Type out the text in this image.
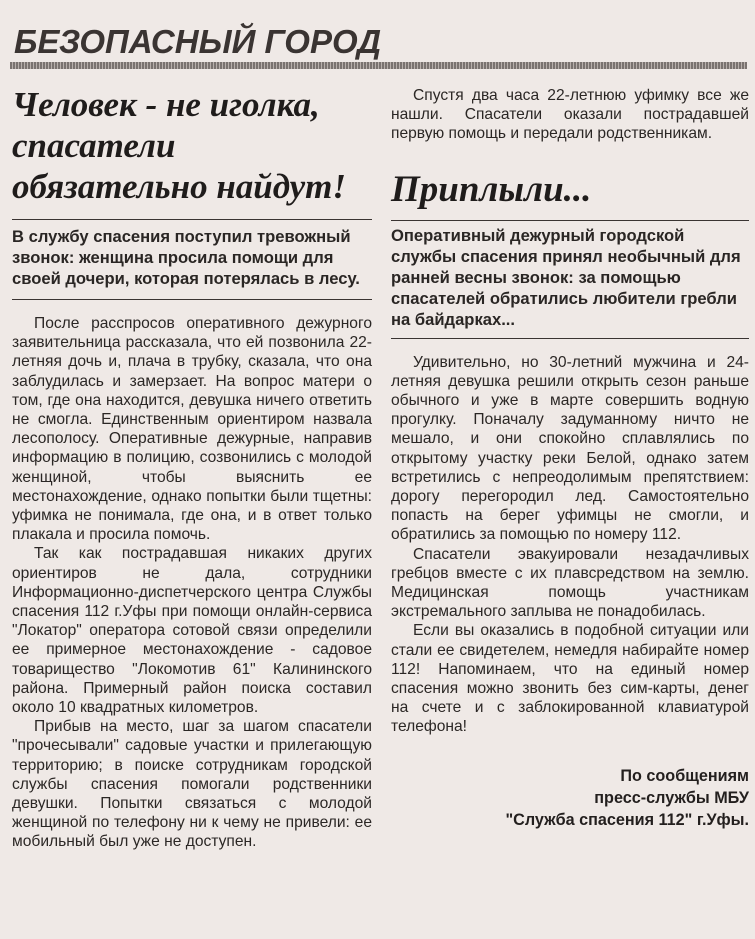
БЕЗОПАСНЫЙ ГОРОД
Человек - не иголка,
спасатели
обязательно найдут!

В службу спасения поступил тревожный звонок: женщина просила помощи для своей дочери, которая потерялась в лесу.

После расспросов оперативного дежурного заявительница рассказала, что ей позвонила 22-летняя дочь и, плача в трубку, сказала, что она заблудилась и замерзает. На вопрос матери о том, где она находится, девушка ничего ответить не смогла. Единственным ориентиром назвала лесополосу. Оперативные дежурные, направив информацию в полицию, созвонились с молодой женщиной, чтобы выяснить ее местонахождение, однако попытки были тщетны: уфимка не понимала, где она, и в ответ только плакала и просила помочь.

Так как пострадавшая никаких других ориентиров не дала, сотрудники Информационно-диспетчерского центра Службы спасения 112 г.Уфы при помощи онлайн-сервиса "Локатор" оператора сотовой связи определили ее примерное местонахождение - садовое товарищество "Локомотив 61" Калининского района. Примерный район поиска составил около 10 квадратных километров.

Прибыв на место, шаг за шагом спасатели "прочесывали" садовые участки и прилегающую территорию; в поиске сотрудникам городской службы спасения помогали родственники девушки. Попытки связаться с молодой женщиной по телефону ни к чему не привели: ее мобильный был уже не доступен.

Спустя два часа 22-летнюю уфимку все же нашли. Спасатели оказали пострадавшей первую помощь и передали родственникам.

Приплыли...

Оперативный дежурный городской службы спасения принял необычный для ранней весны звонок: за помощью спасателей обратились любители гребли на байдарках...

Удивительно, но 30-летний мужчина и 24-летняя девушка решили открыть сезон раньше обычного и уже в марте совершить водную прогулку. Поначалу задуманному ничто не мешало, и они спокойно сплавлялись по открытому участку реки Белой, однако затем встретились с непреодолимым препятствием: дорогу перегородил лед. Самостоятельно попасть на берег уфимцы не смогли, и обратились за помощью по номеру 112.

Спасатели эвакуировали незадачливых гребцов вместе с их плавсредством на землю. Медицинская помощь участникам экстремального заплыва не понадобилась.

Если вы оказались в подобной ситуации или стали ее свидетелем, немедля набирайте номер 112! Напоминаем, что на единый номер спасения можно звонить без сим-карты, денег на счете и с заблокированной клавиатурой телефона!

По сообщениям
пресс-службы МБУ
"Служба спасения 112" г.Уфы.
